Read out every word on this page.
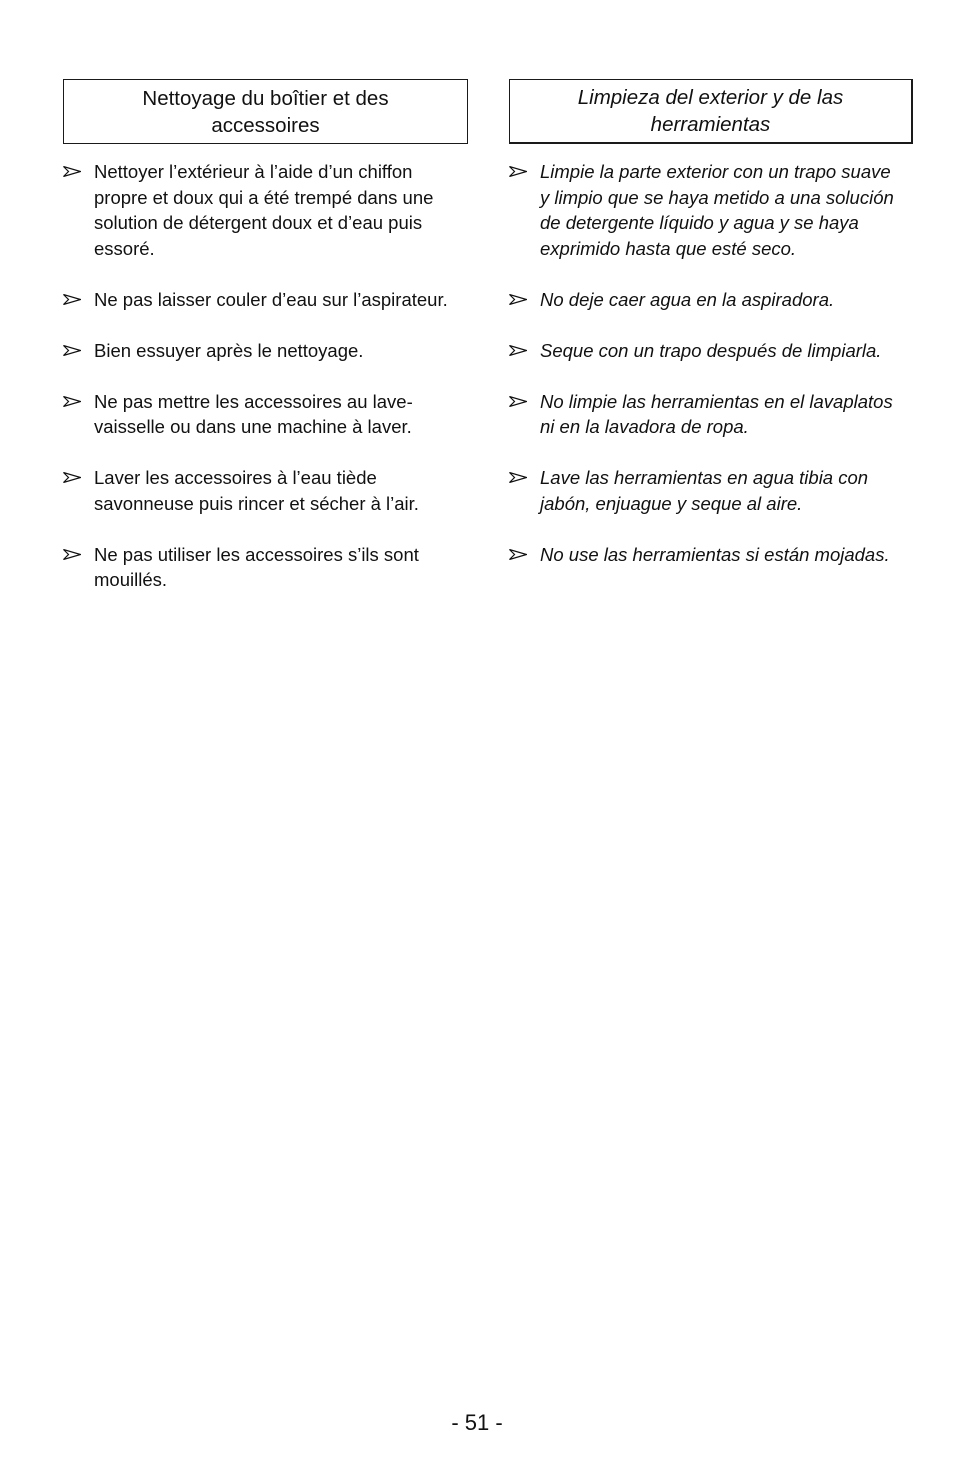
Nettoyage du boîtier et des accessoires
Nettoyer l’extérieur à l’aide d’un chiffon propre et doux qui a été trempé dans une solution de détergent doux et d’eau puis essoré.
Ne pas laisser couler d’eau sur l’aspirateur.
Bien essuyer après le nettoyage.
Ne pas mettre les accessoires au lave-vaisselle ou dans une machine à laver.
Laver les accessoires à l’eau tiède savonneuse puis rincer et sécher à l’air.
Ne pas utiliser les accessoires s’ils sont mouillés.
Limpieza del exterior y de las herramientas
Limpie la parte exterior con un trapo suave y limpio que se haya metido a una solución de detergente líquido y agua y se haya exprimido hasta que esté seco.
No deje caer agua en la aspiradora.
Seque con un trapo después de limpiarla.
No limpie las herramientas en el lavaplatos ni en la lavadora de ropa.
Lave las herramientas en agua tibia con jabón, enjuague y seque al aire.
No use las herramientas si están mojadas.
- 51 -
